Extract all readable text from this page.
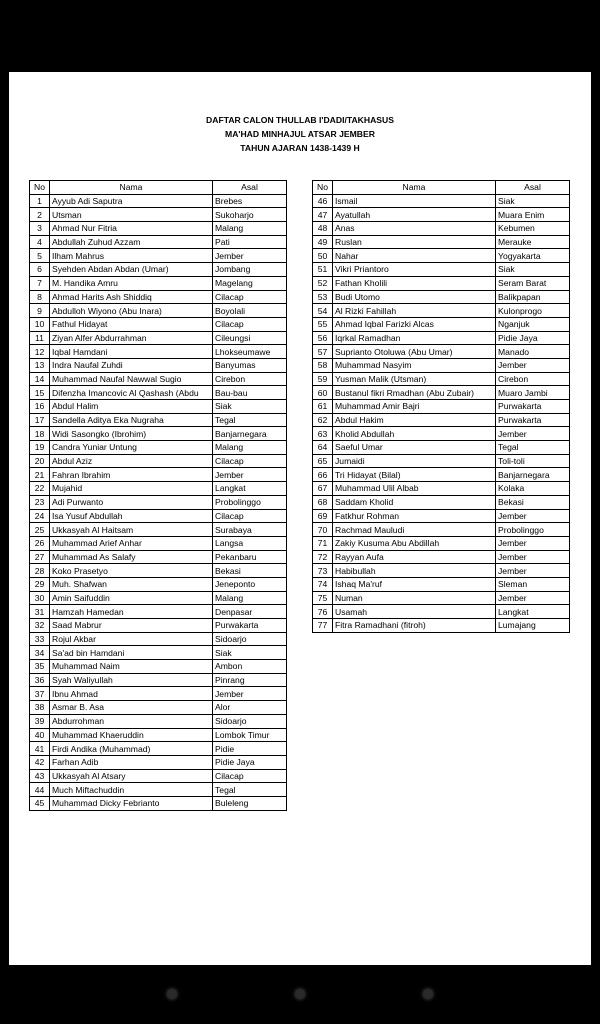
DAFTAR CALON THULLAB I'DADI/TAKHASUS
MA'HAD MINHAJUL ATSAR JEMBER
TAHUN AJARAN 1438-1439 H
No	Nama	Asal
1	Ayyub Adi Saputra	Brebes
2	Utsman	Sukoharjo
3	Ahmad Nur Fitria	Malang
4	Abdullah Zuhud Azzam	Pati
5	Ilham Mahrus	Jember
6	Syehden Abdan Abdan (Umar)	Jombang
7	M. Handika Amru	Magelang
8	Ahmad Harits Ash Shiddiq	Cilacap
9	Abdulloh Wiyono (Abu Inara)	Boyolali
10	Fathul Hidayat	Cilacap
11	Ziyan Alfer Abdurrahman	Cileungsi
12	Iqbal Hamdani	Lhokseumawe
13	Indra Naufal Zuhdi	Banyumas
14	Muhammad Naufal Nawwal Sugio	Cirebon
15	Difenzha Imancovic Al Qashash (Abdu	Bau-bau
16	Abdul Halim	Siak
17	Sandella Aditya Eka Nugraha	Tegal
18	Widi Sasongko (Ibrohim)	Banjarnegara
19	Candra Yuniar Untung	Malang
20	Abdul Aziz	Cilacap
21	Fahran Ibrahim	Jember
22	Mujahid	Langkat
23	Adi Purwanto	Probolinggo
24	Isa Yusuf Abdullah	Cilacap
25	Ukkasyah Al Haitsam	Surabaya
26	Muhammad Arief Anhar	Langsa
27	Muhammad As Salafy	Pekanbaru
28	Koko Prasetyo	Bekasi
29	Muh. Shafwan	Jeneponto
30	Amin Saifuddin	Malang
31	Hamzah Hamedan	Denpasar
32	Saad Mabrur	Purwakarta
33	Rojul Akbar	Sidoarjo
34	Sa'ad bin Hamdani	Siak
35	Muhammad Naim	Ambon
36	Syah Waliyullah	Pinrang
37	Ibnu Ahmad	Jember
38	Asmar B. Asa	Alor
39	Abdurrohman	Sidoarjo
40	Muhammad Khaeruddin	Lombok Timur
41	Firdi Andika (Muhammad)	Pidie
42	Farhan Adib	Pidie Jaya
43	Ukkasyah Al Atsary	Cilacap
44	Much Miftachuddin	Tegal
45	Muhammad Dicky Febrianto	Buleleng
No	Nama	Asal
46	Ismail	Siak
47	Ayatullah	Muara Enim
48	Anas	Kebumen
49	Ruslan	Merauke
50	Nahar	Yogyakarta
51	Vikri Priantoro	Siak
52	Fathan Kholili	Seram Barat
53	Budi Utomo	Balikpapan
54	Al Rizki Fahillah	Kulonprogo
55	Ahmad Iqbal Farizki Alcas	Nganjuk
56	Iqrkal Ramadhan	Pidie Jaya
57	Suprianto Otoluwa (Abu Umar)	Manado
58	Muhammad Nasyim	Jember
59	Yusman Malik (Utsman)	Cirebon
60	Bustanul fikri Rmadhan (Abu Zubair)	Muaro Jambi
61	Muhammad Amir Bajri	Purwakarta
62	Abdul Hakim	Purwakarta
63	Kholid Abdullah	Jember
64	Saeful Umar	Tegal
65	Jumaidi	Toli-toli
66	Tri Hidayat (Bilal)	Banjarnegara
67	Muhammad Ulil Albab	Kolaka
68	Saddam Kholid	Bekasi
69	Fatkhur Rohman	Jember
70	Rachmad Mauludi	Probolinggo
71	Zakiy Kusuma Abu Abdillah	Jember
72	Rayyan Aufa	Jember
73	Habibullah	Jember
74	Ishaq Ma'ruf	Sleman
75	Numan	Jember
76	Usamah	Langkat
77	Fitra Ramadhani (fitroh)	Lumajang
